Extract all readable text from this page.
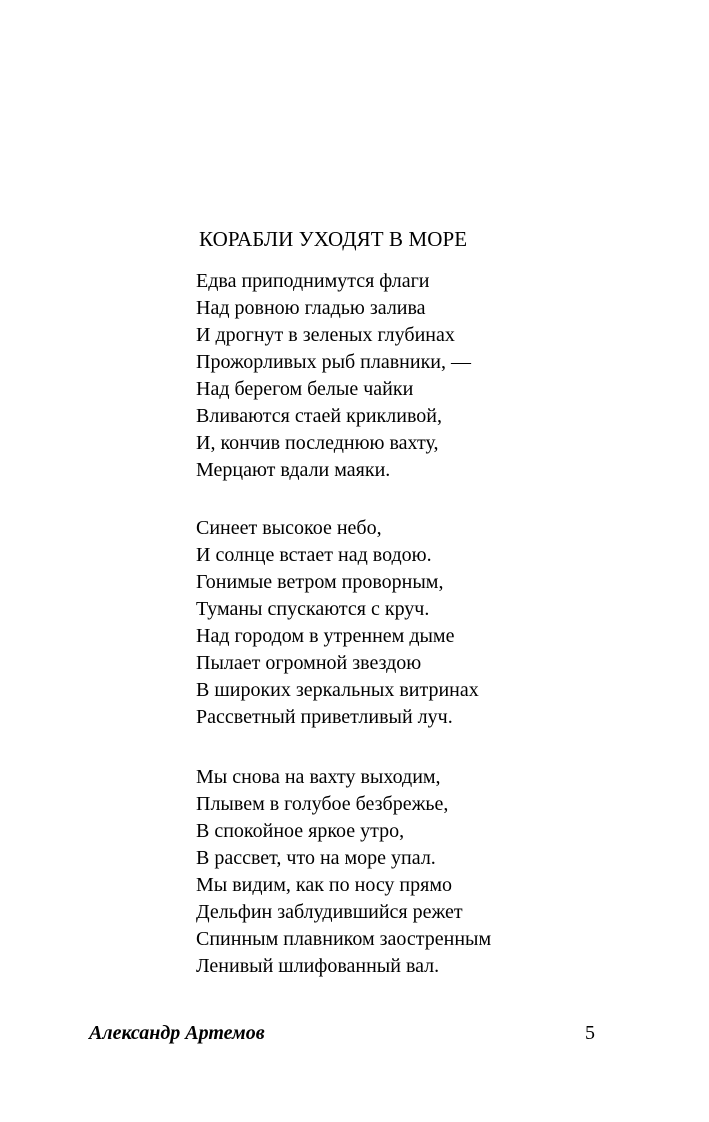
КОРАБЛИ УХОДЯТ В МОРЕ
Едва приподнимутся флаги
Над ровною гладью залива
И дрогнут в зеленых глубинах
Прожорливых рыб плавники, —
Над берегом белые чайки
Вливаются стаей крикливой,
И, кончив последнюю вахту,
Мерцают вдали маяки.
Синеет высокое небо,
И солнце встает над водою.
Гонимые ветром проворным,
Туманы спускаются с круч.
Над городом в утреннем дыме
Пылает огромной звездою
В широких зеркальных витринах
Рассветный приветливый луч.
Мы снова на вахту выходим,
Плывем в голубое безбрежье,
В спокойное яркое утро,
В рассвет, что на море упал.
Мы видим, как по носу прямо
Дельфин заблудившийся режет
Спинным плавником заостренным
Ленивый шлифованный вал.
Александр Артемов	5
